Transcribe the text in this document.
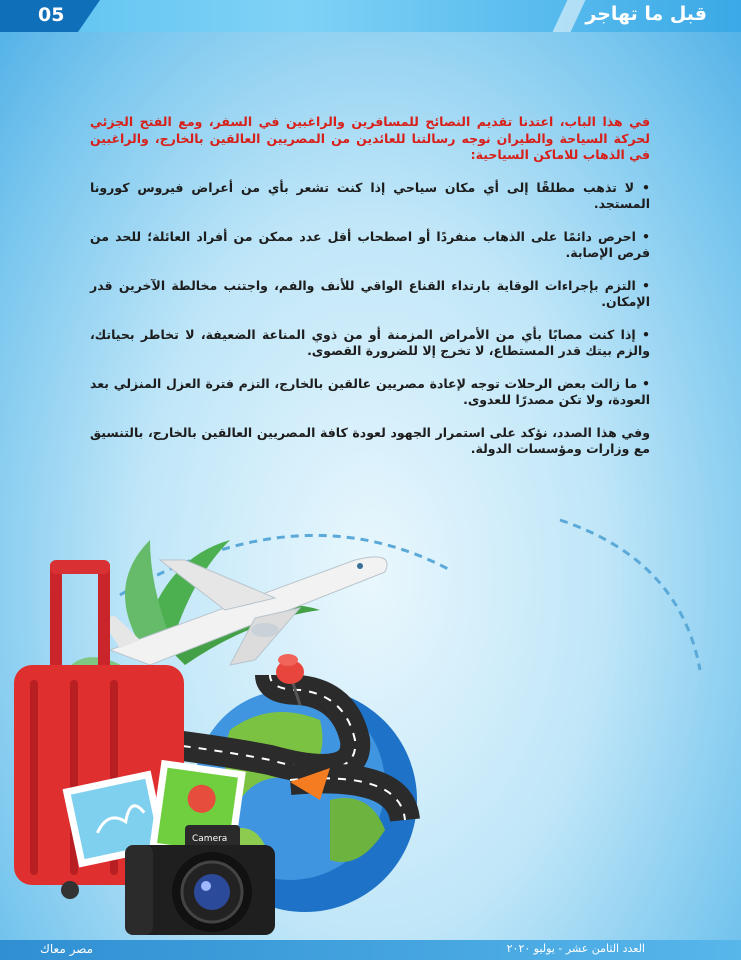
05	قبل ما تهاجر

في هذا الباب، اعتدنا تقديم النصائح للمسافرين والراغبين في السفر، ومع الفتح الجزئي لحركة السياحة والطيران نوجه رسالتنا للعائدين من المصريين العالقين بالخارج، والراغبين في الذهاب للاماكن السياحية:

• لا تذهب مطلقًا إلى أي مكان سياحي إذا كنت تشعر بأي من أعراض فيروس كورونا المستجد.

• احرص دائمًا على الذهاب منفردًا أو اصطحاب أقل عدد ممكن من أفراد العائلة؛ للحد من فرص الإصابة.

• التزم بإجراءات الوقاية بارتداء القناع الواقي للأنف والفم، واجتنب مخالطة الآخرين قدر الإمكان.

• إذا كنت مصابًا بأي من الأمراض المزمنة أو من ذوي المناعة الضعيفة، لا تخاطر بحياتك، والزم بيتك قدر المستطاع، لا تخرج إلا للضرورة القصوى.

• ما زالت بعض الرحلات توجه لإعادة مصريين عالقين بالخارج، التزم فترة العزل المنزلي بعد العودة، ولا تكن مصدرًا للعدوى.

وفي هذا الصدد، نؤكد على استمرار الجهود لعودة كافة المصريين العالقين بالخارج، بالتنسيق مع وزارات ومؤسسات الدولة.

Camera
مصر معاك	العدد الثامن عشر - يوليو ٢٠٢٠
